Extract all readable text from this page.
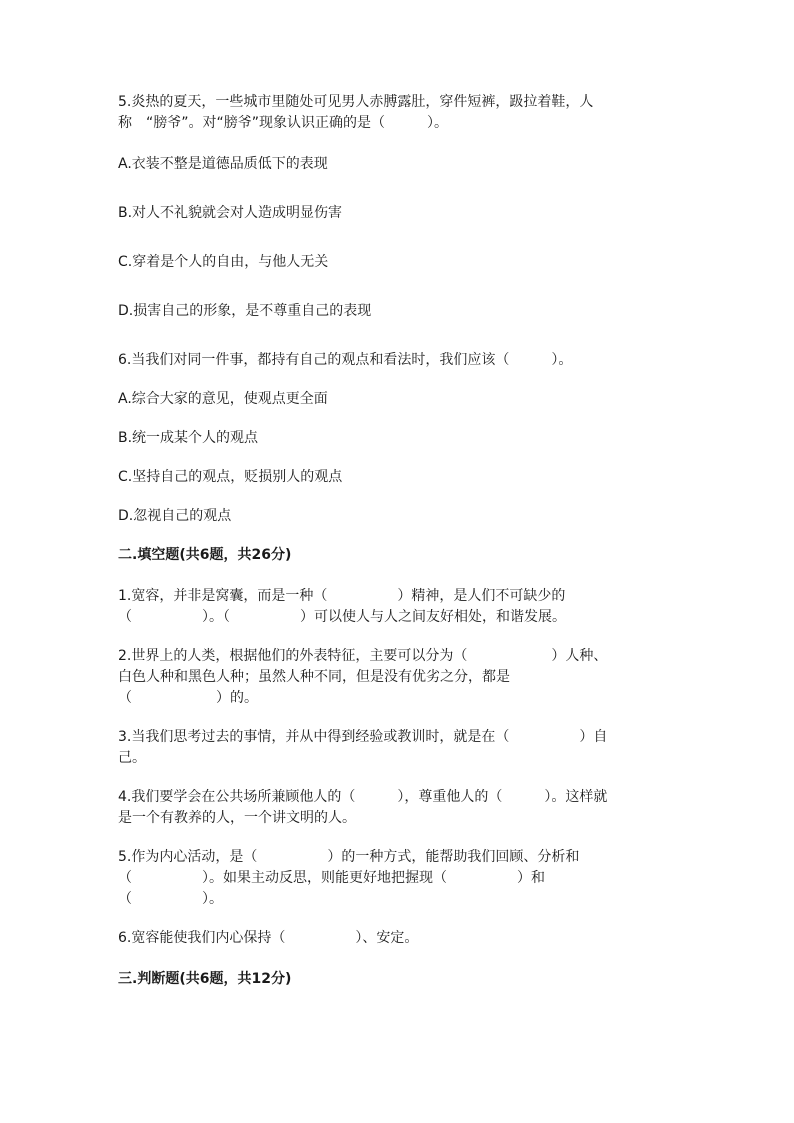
5.炎热的夏天，一些城市里随处可见男人赤膊露肚，穿件短裤，趿拉着鞋，人

称　“膀爷”。对“膀爷”现象认识正确的是（　　　）。

A.衣装不整是道德品质低下的表现

B.对人不礼貌就会对人造成明显伤害

C.穿着是个人的自由，与他人无关

D.损害自己的形象，是不尊重自己的表现

6.当我们对同一件事，都持有自己的观点和看法时，我们应该（　　　）。

A.综合大家的意见，使观点更全面

B.统一成某个人的观点

C.坚持自己的观点，贬损别人的观点

D.忽视自己的观点

二.填空题(共6题，共26分)

1.宽容，并非是窝囊，而是一种（　　　　　）精神，是人们不可缺少的

（　　　　　）。（　　　　　）可以使人与人之间友好相处，和谐发展。

2.世界上的人类，根据他们的外表特征，主要可以分为（　　　　　　）人种、

白色人种和黑色人种；虽然人种不同，但是没有优劣之分，都是

（　　　　　　）的。

3.当我们思考过去的事情，并从中得到经验或教训时，就是在（　　　　　）自

己。

4.我们要学会在公共场所兼顾他人的（　　　），尊重他人的（　　　）。这样就

是一个有教养的人，一个讲文明的人。

5.作为内心活动，是（　　　　　）的一种方式，能帮助我们回顾、分析和

（　　　　　）。如果主动反思，则能更好地把握现（　　　　　）和

（　　　　　）。

6.宽容能使我们内心保持（　　　　　）、安定。

三.判断题(共6题，共12分)
